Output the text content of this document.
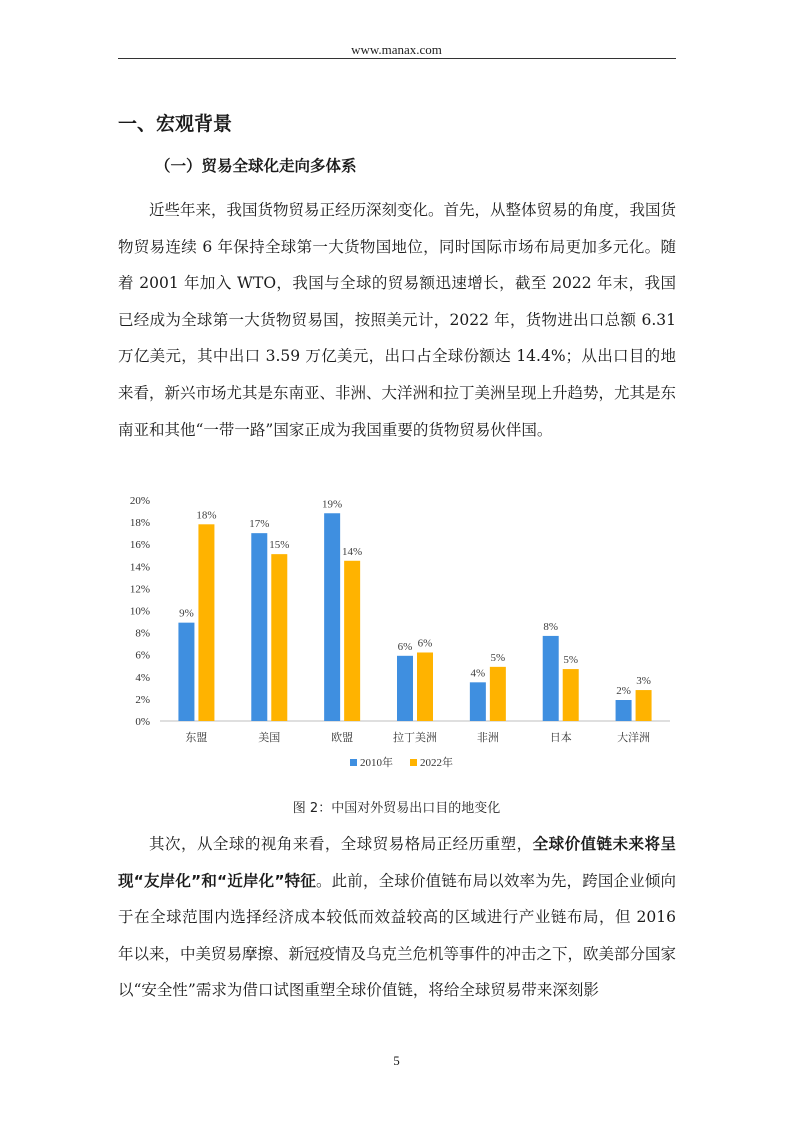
www.manax.com
一、宏观背景
（一）贸易全球化走向多体系

近些年来，我国货物贸易正经历深刻变化。首先，从整体贸易的角度，我国货物贸易连续 6 年保持全球第一大货物国地位，同时国际市场布局更加多元化。随着 2001 年加入 WTO，我国与全球的贸易额迅速增长，截至 2022 年末，我国已经成为全球第一大货物贸易国，按照美元计，2022 年，货物进出口总额 6.31 万亿美元，其中出口 3.59 万亿美元，出口占全球份额达 14.4%；从出口目的地来看，新兴市场尤其是东南亚、非洲、大洋洲和拉丁美洲呈现上升趋势，尤其是东南亚和其他“一带一路”国家正成为我国重要的货物贸易伙伴国。

0%
2%
4%
6%
8%
10%
12%
14%
16%
18%
20%
9%
18%
东盟
17%
15%
美国
19%
14%
欧盟
6% 6%
拉丁美洲
4%
5%
非洲
8%
5%
日本
2%
3%
大洋洲
2010年 2022年
图 2：中国对外贸易出口目的地变化

其次，从全球的视角来看，全球贸易格局正经历重塑，全球价值链未来将呈现“友岸化”和“近岸化”特征。此前，全球价值链布局以效率为先，跨国企业倾向于在全球范围内选择经济成本较低而效益较高的区域进行产业链布局，但 2016 年以来，中美贸易摩擦、新冠疫情及乌克兰危机等事件的冲击之下，欧美部分国家以“安全性”需求为借口试图重塑全球价值链，将给全球贸易带来深刻影

5
